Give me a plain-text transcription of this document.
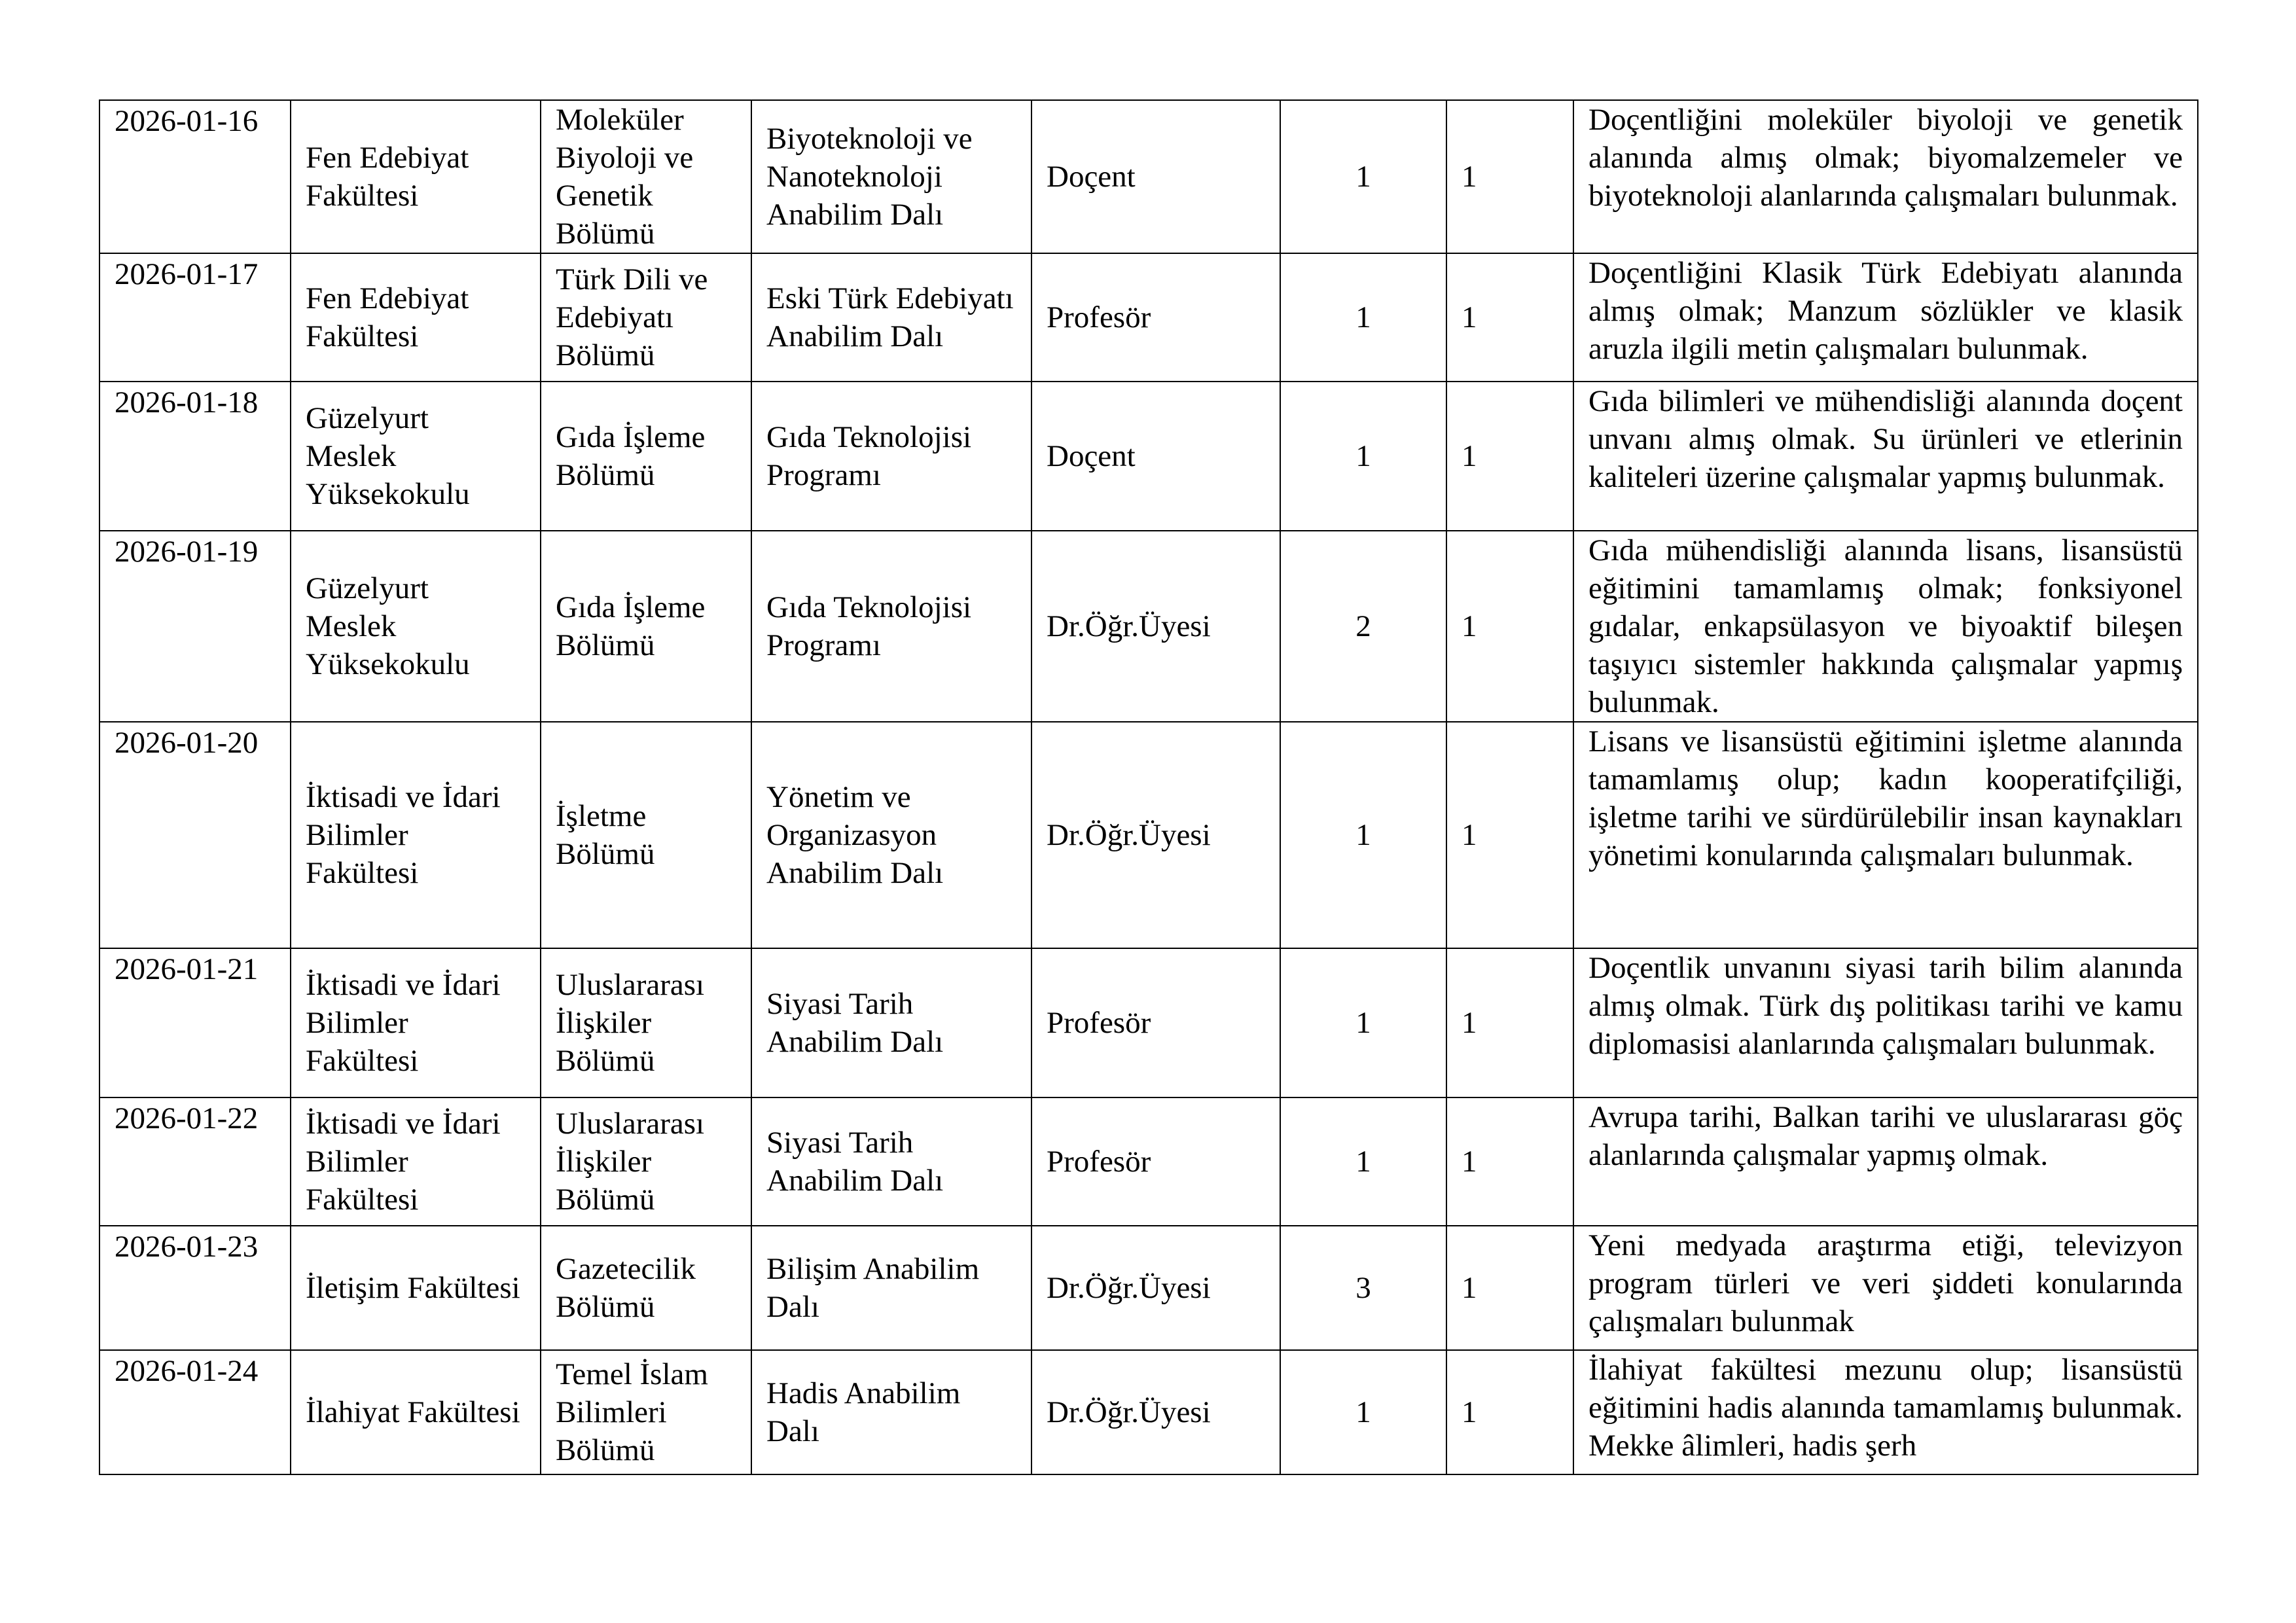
2026-01-16	Fen Edebiyat Fakültesi	Moleküler Biyoloji ve Genetik Bölümü	Biyoteknoloji ve Nanoteknoloji Anabilim Dalı	Doçent	1	1	Doçentliğini moleküler biyoloji ve genetik alanında almış olmak; biyomalzemeler ve biyoteknoloji alanlarında çalışmaları bulunmak.
2026-01-17	Fen Edebiyat Fakültesi	Türk Dili ve Edebiyatı Bölümü	Eski Türk Edebiyatı Anabilim Dalı	Profesör	1	1	Doçentliğini Klasik Türk Edebiyatı alanında almış olmak; Manzum sözlükler ve klasik aruzla ilgili metin çalışmaları bulunmak.
2026-01-18	Güzelyurt Meslek Yüksekokulu	Gıda İşleme Bölümü	Gıda Teknolojisi Programı	Doçent	1	1	Gıda bilimleri ve mühendisliği alanında doçent unvanı almış olmak. Su ürünleri ve etlerinin kaliteleri üzerine çalışmalar yapmış bulunmak.
2026-01-19	Güzelyurt Meslek Yüksekokulu	Gıda İşleme Bölümü	Gıda Teknolojisi Programı	Dr.Öğr.Üyesi	2	1	Gıda mühendisliği alanında lisans, lisansüstü eğitimini tamamlamış olmak; fonksiyonel gıdalar, enkapsülasyon ve biyoaktif bileşen taşıyıcı sistemler hakkında çalışmalar yapmış bulunmak.
2026-01-20	İktisadi ve İdari Bilimler Fakültesi	İşletme Bölümü	Yönetim ve Organizasyon Anabilim Dalı	Dr.Öğr.Üyesi	1	1	Lisans ve lisansüstü eğitimini işletme alanında tamamlamış olup; kadın kooperatifçiliği, işletme tarihi ve sürdürülebilir insan kaynakları yönetimi konularında çalışmaları bulunmak.
2026-01-21	İktisadi ve İdari Bilimler Fakültesi	Uluslararası İlişkiler Bölümü	Siyasi Tarih Anabilim Dalı	Profesör	1	1	Doçentlik unvanını siyasi tarih bilim alanında almış olmak. Türk dış politikası tarihi ve kamu diplomasisi alanlarında çalışmaları bulunmak.
2026-01-22	İktisadi ve İdari Bilimler Fakültesi	Uluslararası İlişkiler Bölümü	Siyasi Tarih Anabilim Dalı	Profesör	1	1	Avrupa tarihi, Balkan tarihi ve uluslararası göç alanlarında çalışmalar yapmış olmak.
2026-01-23	İletişim Fakültesi	Gazetecilik Bölümü	Bilişim Anabilim Dalı	Dr.Öğr.Üyesi	3	1	Yeni medyada araştırma etiği, televizyon program türleri ve veri şiddeti konularında çalışmaları bulunmak
2026-01-24	İlahiyat Fakültesi	Temel İslam Bilimleri Bölümü	Hadis Anabilim Dalı	Dr.Öğr.Üyesi	1	1	İlahiyat fakültesi mezunu olup; lisansüstü eğitimini hadis alanında tamamlamış bulunmak. Mekke âlimleri, hadis şerh
